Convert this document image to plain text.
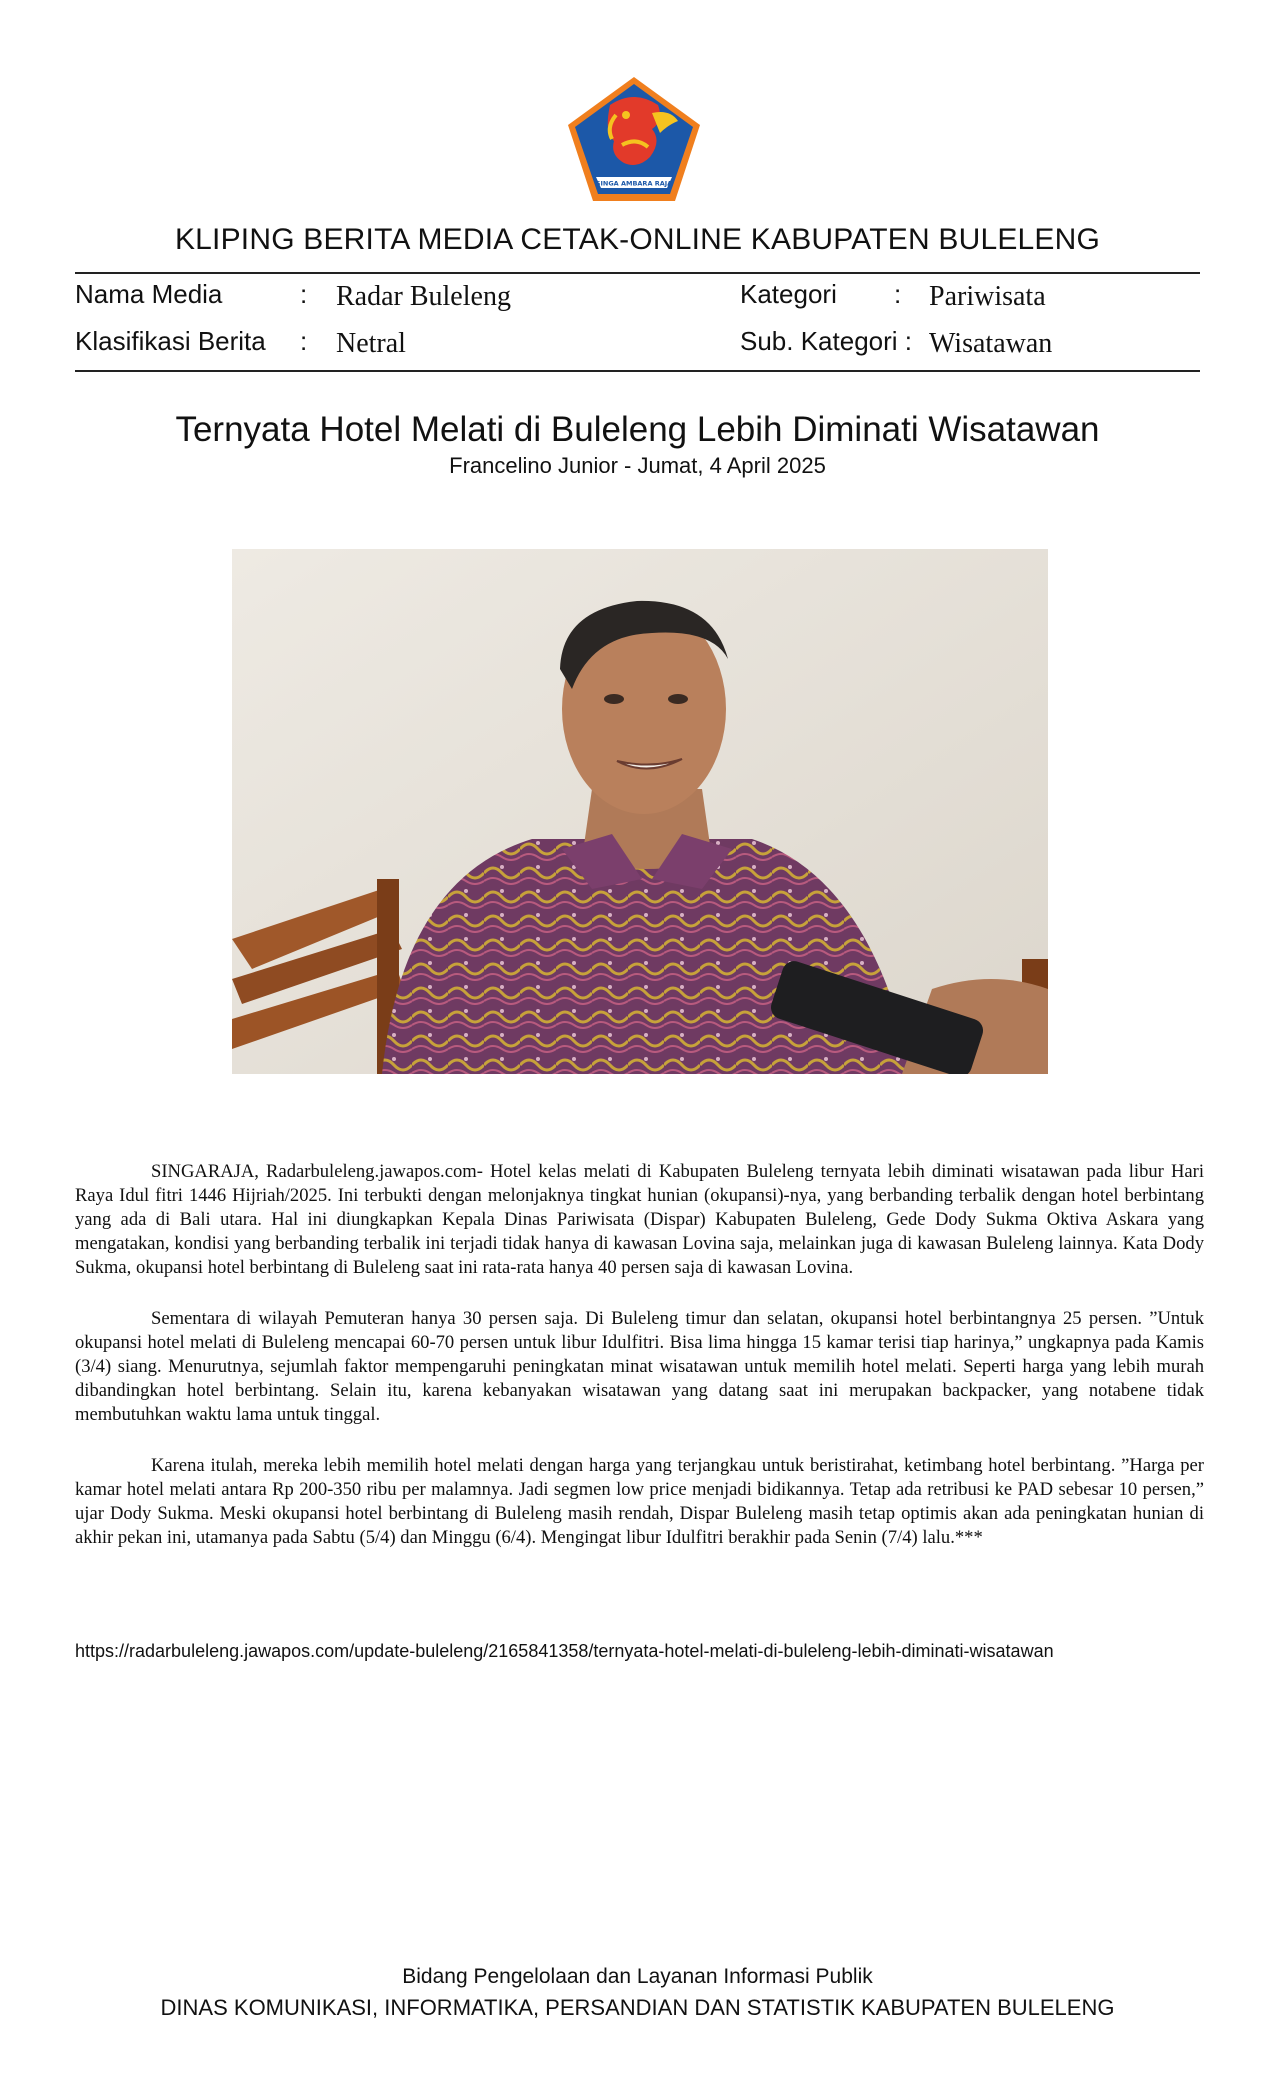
SINGA AMBARA RAJA
KLIPING BERITA MEDIA CETAK-ONLINE KABUPATEN BULELENG
Nama Media	: Radar Buleleng	Kategori : Pariwisata
Klasifikasi Berita : Netral	Sub. Kategori : Wisatawan
Ternyata Hotel Melati di Buleleng Lebih Diminati Wisatawan
Francelino Junior - Jumat, 4 April 2025

SINGARAJA, Radarbuleleng.jawapos.com- Hotel kelas melati di Kabupaten Buleleng ternyata lebih diminati wisatawan pada libur Hari Raya Idul fitri 1446 Hijriah/2025. Ini terbukti dengan melonjaknya tingkat hunian (okupansi)-nya, yang berbanding terbalik dengan hotel berbintang yang ada di Bali utara. Hal ini diungkapkan Kepala Dinas Pariwisata (Dispar) Kabupaten Buleleng, Gede Dody Sukma Oktiva Askara yang mengatakan, kondisi yang berbanding terbalik ini terjadi tidak hanya di kawasan Lovina saja, melainkan juga di kawasan Buleleng lainnya. Kata Dody Sukma, okupansi hotel berbintang di Buleleng saat ini rata-rata hanya 40 persen saja di kawasan Lovina.

Sementara di wilayah Pemuteran hanya 30 persen saja. Di Buleleng timur dan selatan, okupansi hotel berbintangnya 25 persen. ”Untuk okupansi hotel melati di Buleleng mencapai 60-70 persen untuk libur Idulfitri. Bisa lima hingga 15 kamar terisi tiap harinya,” ungkapnya pada Kamis (3/4) siang. Menurutnya, sejumlah faktor mempengaruhi peningkatan minat wisatawan untuk memilih hotel melati. Seperti harga yang lebih murah dibandingkan hotel berbintang. Selain itu, karena kebanyakan wisatawan yang datang saat ini merupakan backpacker, yang notabene tidak membutuhkan waktu lama untuk tinggal.

Karena itulah, mereka lebih memilih hotel melati dengan harga yang terjangkau untuk beristirahat, ketimbang hotel berbintang. ”Harga per kamar hotel melati antara Rp 200-350 ribu per malamnya. Jadi segmen low price menjadi bidikannya. Tetap ada retribusi ke PAD sebesar 10 persen,” ujar Dody Sukma. Meski okupansi hotel berbintang di Buleleng masih rendah, Dispar Buleleng masih tetap optimis akan ada peningkatan hunian di akhir pekan ini, utamanya pada Sabtu (5/4) dan Minggu (6/4). Mengingat libur Idulfitri berakhir pada Senin (7/4) lalu.***

https://radarbuleleng.jawapos.com/update-buleleng/2165841358/ternyata-hotel-melati-di-buleleng-lebih-diminati-wisatawan
Bidang Pengelolaan dan Layanan Informasi Publik
DINAS KOMUNIKASI, INFORMATIKA, PERSANDIAN DAN STATISTIK KABUPATEN BULELENG
